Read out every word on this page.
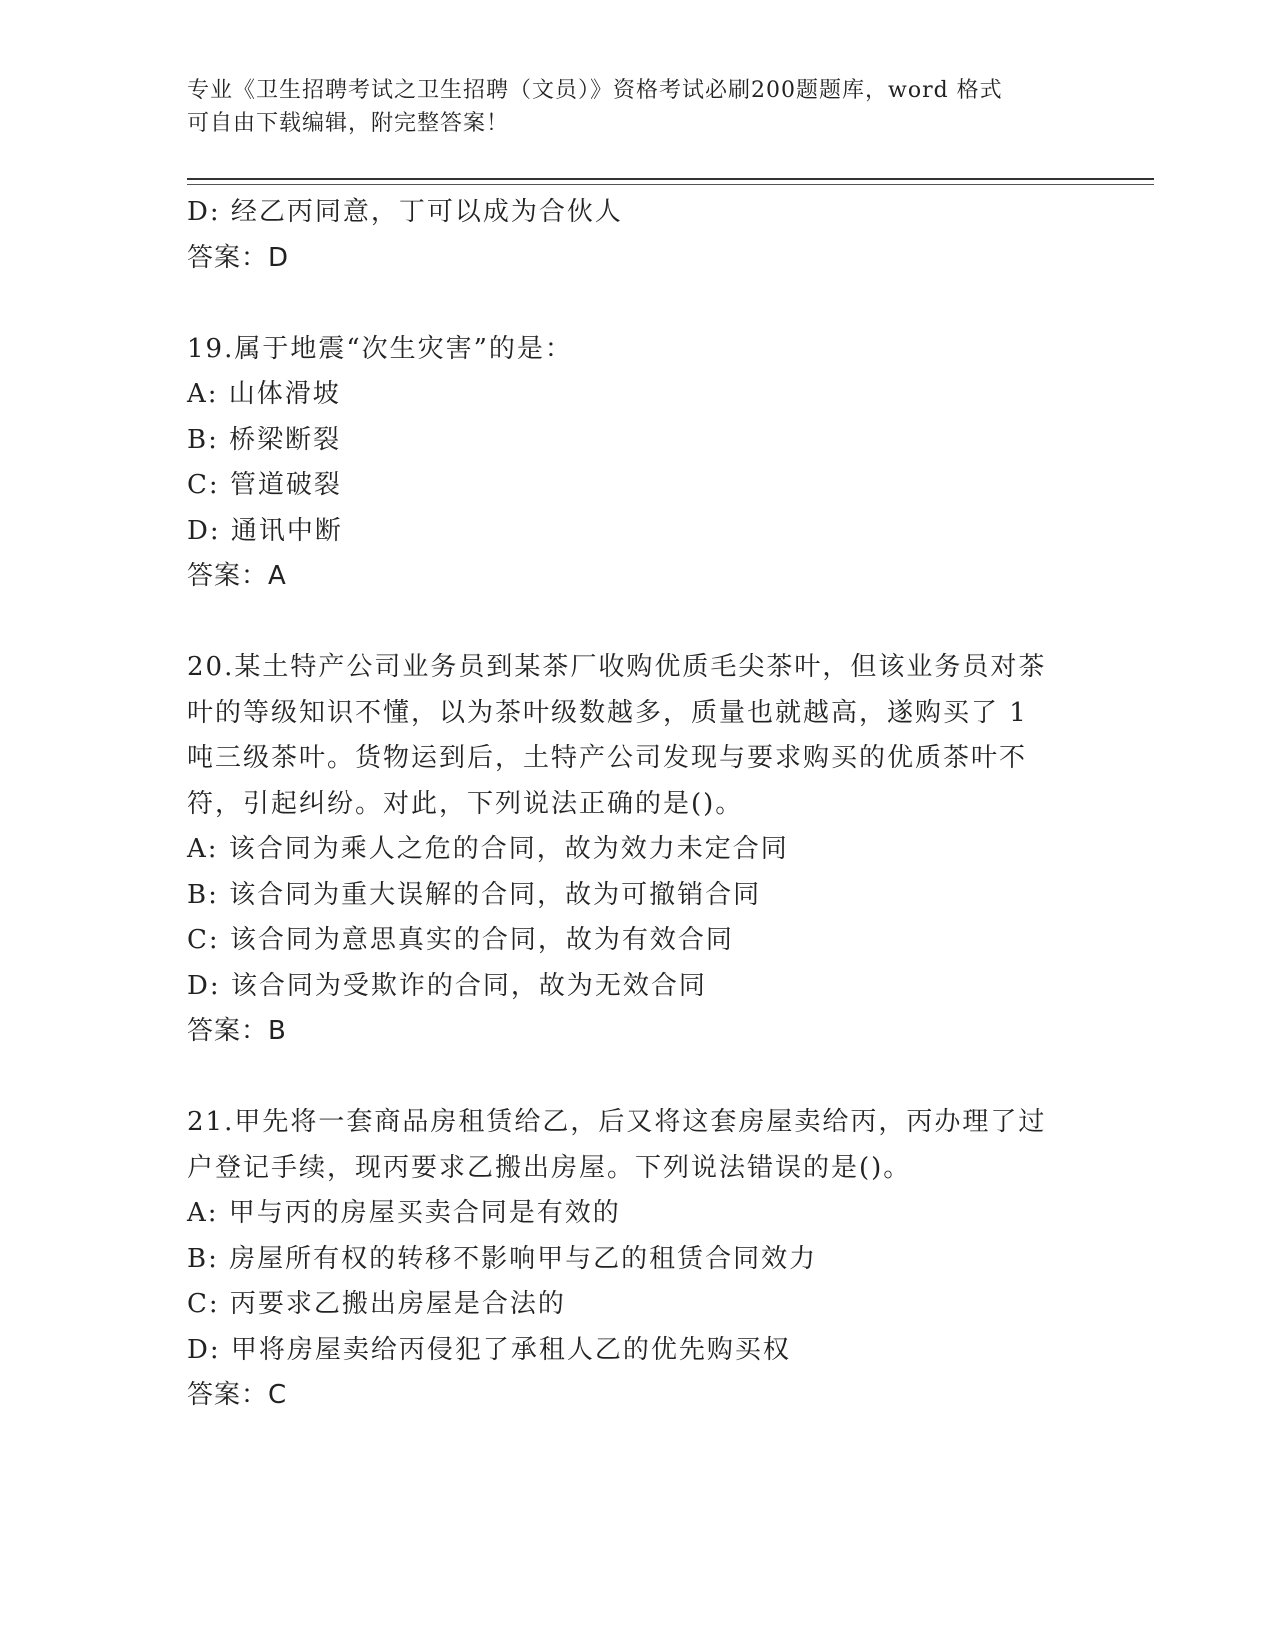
专业《卫生招聘考试之卫生招聘（文员）》资格考试必刷200题题库，word 格式
可自由下载编辑，附完整答案！
D: 经乙丙同意，丁可以成为合伙人
答案：D
19.属于地震“次生灾害”的是：
A: 山体滑坡
B: 桥梁断裂
C: 管道破裂
D: 通讯中断
答案：A
20.某土特产公司业务员到某茶厂收购优质毛尖茶叶，但该业务员对茶
叶的等级知识不懂，以为茶叶级数越多，质量也就越高，遂购买了 1
吨三级茶叶。货物运到后，土特产公司发现与要求购买的优质茶叶不
符，引起纠纷。对此，下列说法正确的是()。
A: 该合同为乘人之危的合同，故为效力未定合同
B: 该合同为重大误解的合同，故为可撤销合同
C: 该合同为意思真实的合同，故为有效合同
D: 该合同为受欺诈的合同，故为无效合同
答案：B
21.甲先将一套商品房租赁给乙，后又将这套房屋卖给丙，丙办理了过
户登记手续，现丙要求乙搬出房屋。下列说法错误的是()。
A: 甲与丙的房屋买卖合同是有效的
B: 房屋所有权的转移不影响甲与乙的租赁合同效力
C: 丙要求乙搬出房屋是合法的
D: 甲将房屋卖给丙侵犯了承租人乙的优先购买权
答案：C
